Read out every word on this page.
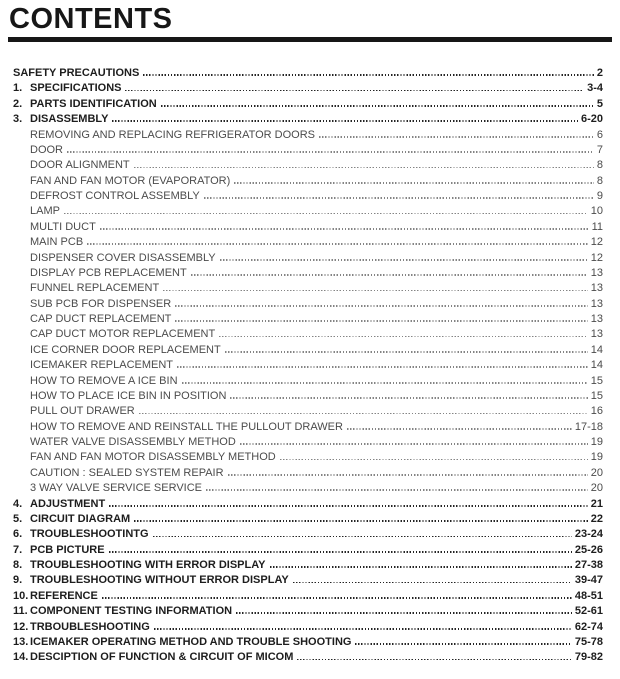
CONTENTS
SAFETY PRECAUTIONS	2
1. SPECIFICATIONS	3-4
2. PARTS IDENTIFICATION	5
3. DISASSEMBLY	6-20
REMOVING AND REPLACING REFRIGERATOR DOORS	6
DOOR	7
DOOR ALIGNMENT	8
FAN AND FAN MOTOR (EVAPORATOR)	8
DEFROST CONTROL ASSEMBLY	9
LAMP	10
MULTI DUCT	11
MAIN PCB	12
DISPENSER COVER DISASSEMBLY	12
DISPLAY PCB REPLACEMENT	13
FUNNEL REPLACEMENT	13
SUB PCB FOR DISPENSER	13
CAP DUCT REPLACEMENT	13
CAP DUCT MOTOR REPLACEMENT	13
ICE CORNER DOOR REPLACEMENT	14
ICEMAKER REPLACEMENT	14
HOW TO REMOVE A ICE BIN	15
HOW TO PLACE ICE BIN IN POSITION	15
PULL OUT DRAWER	16
HOW TO REMOVE AND REINSTALL THE PULLOUT DRAWER	17-18
WATER VALVE DISASSEMBLY METHOD	19
FAN AND FAN MOTOR DISASSEMBLY METHOD	19
CAUTION : SEALED SYSTEM REPAIR	20
3 WAY VALVE SERVICE SERVICE	20
4. ADJUSTMENT	21
5. CIRCUIT DIAGRAM	22
6. TROUBLESHOOTINTG	23-24
7. PCB PICTURE	25-26
8. TROUBLESHOOTING WITH ERROR DISPLAY	27-38
9. TROUBLESHOOTING WITHOUT ERROR DISPLAY	39-47
10. REFERENCE	48-51
11. COMPONENT TESTING INFORMATION	52-61
12. TRBOUBLESHOOTING	62-74
13. ICEMAKER OPERATING METHOD AND TROUBLE SHOOTING	75-78
14. DESCIPTION OF FUNCTION & CIRCUIT OF MICOM	79-82
